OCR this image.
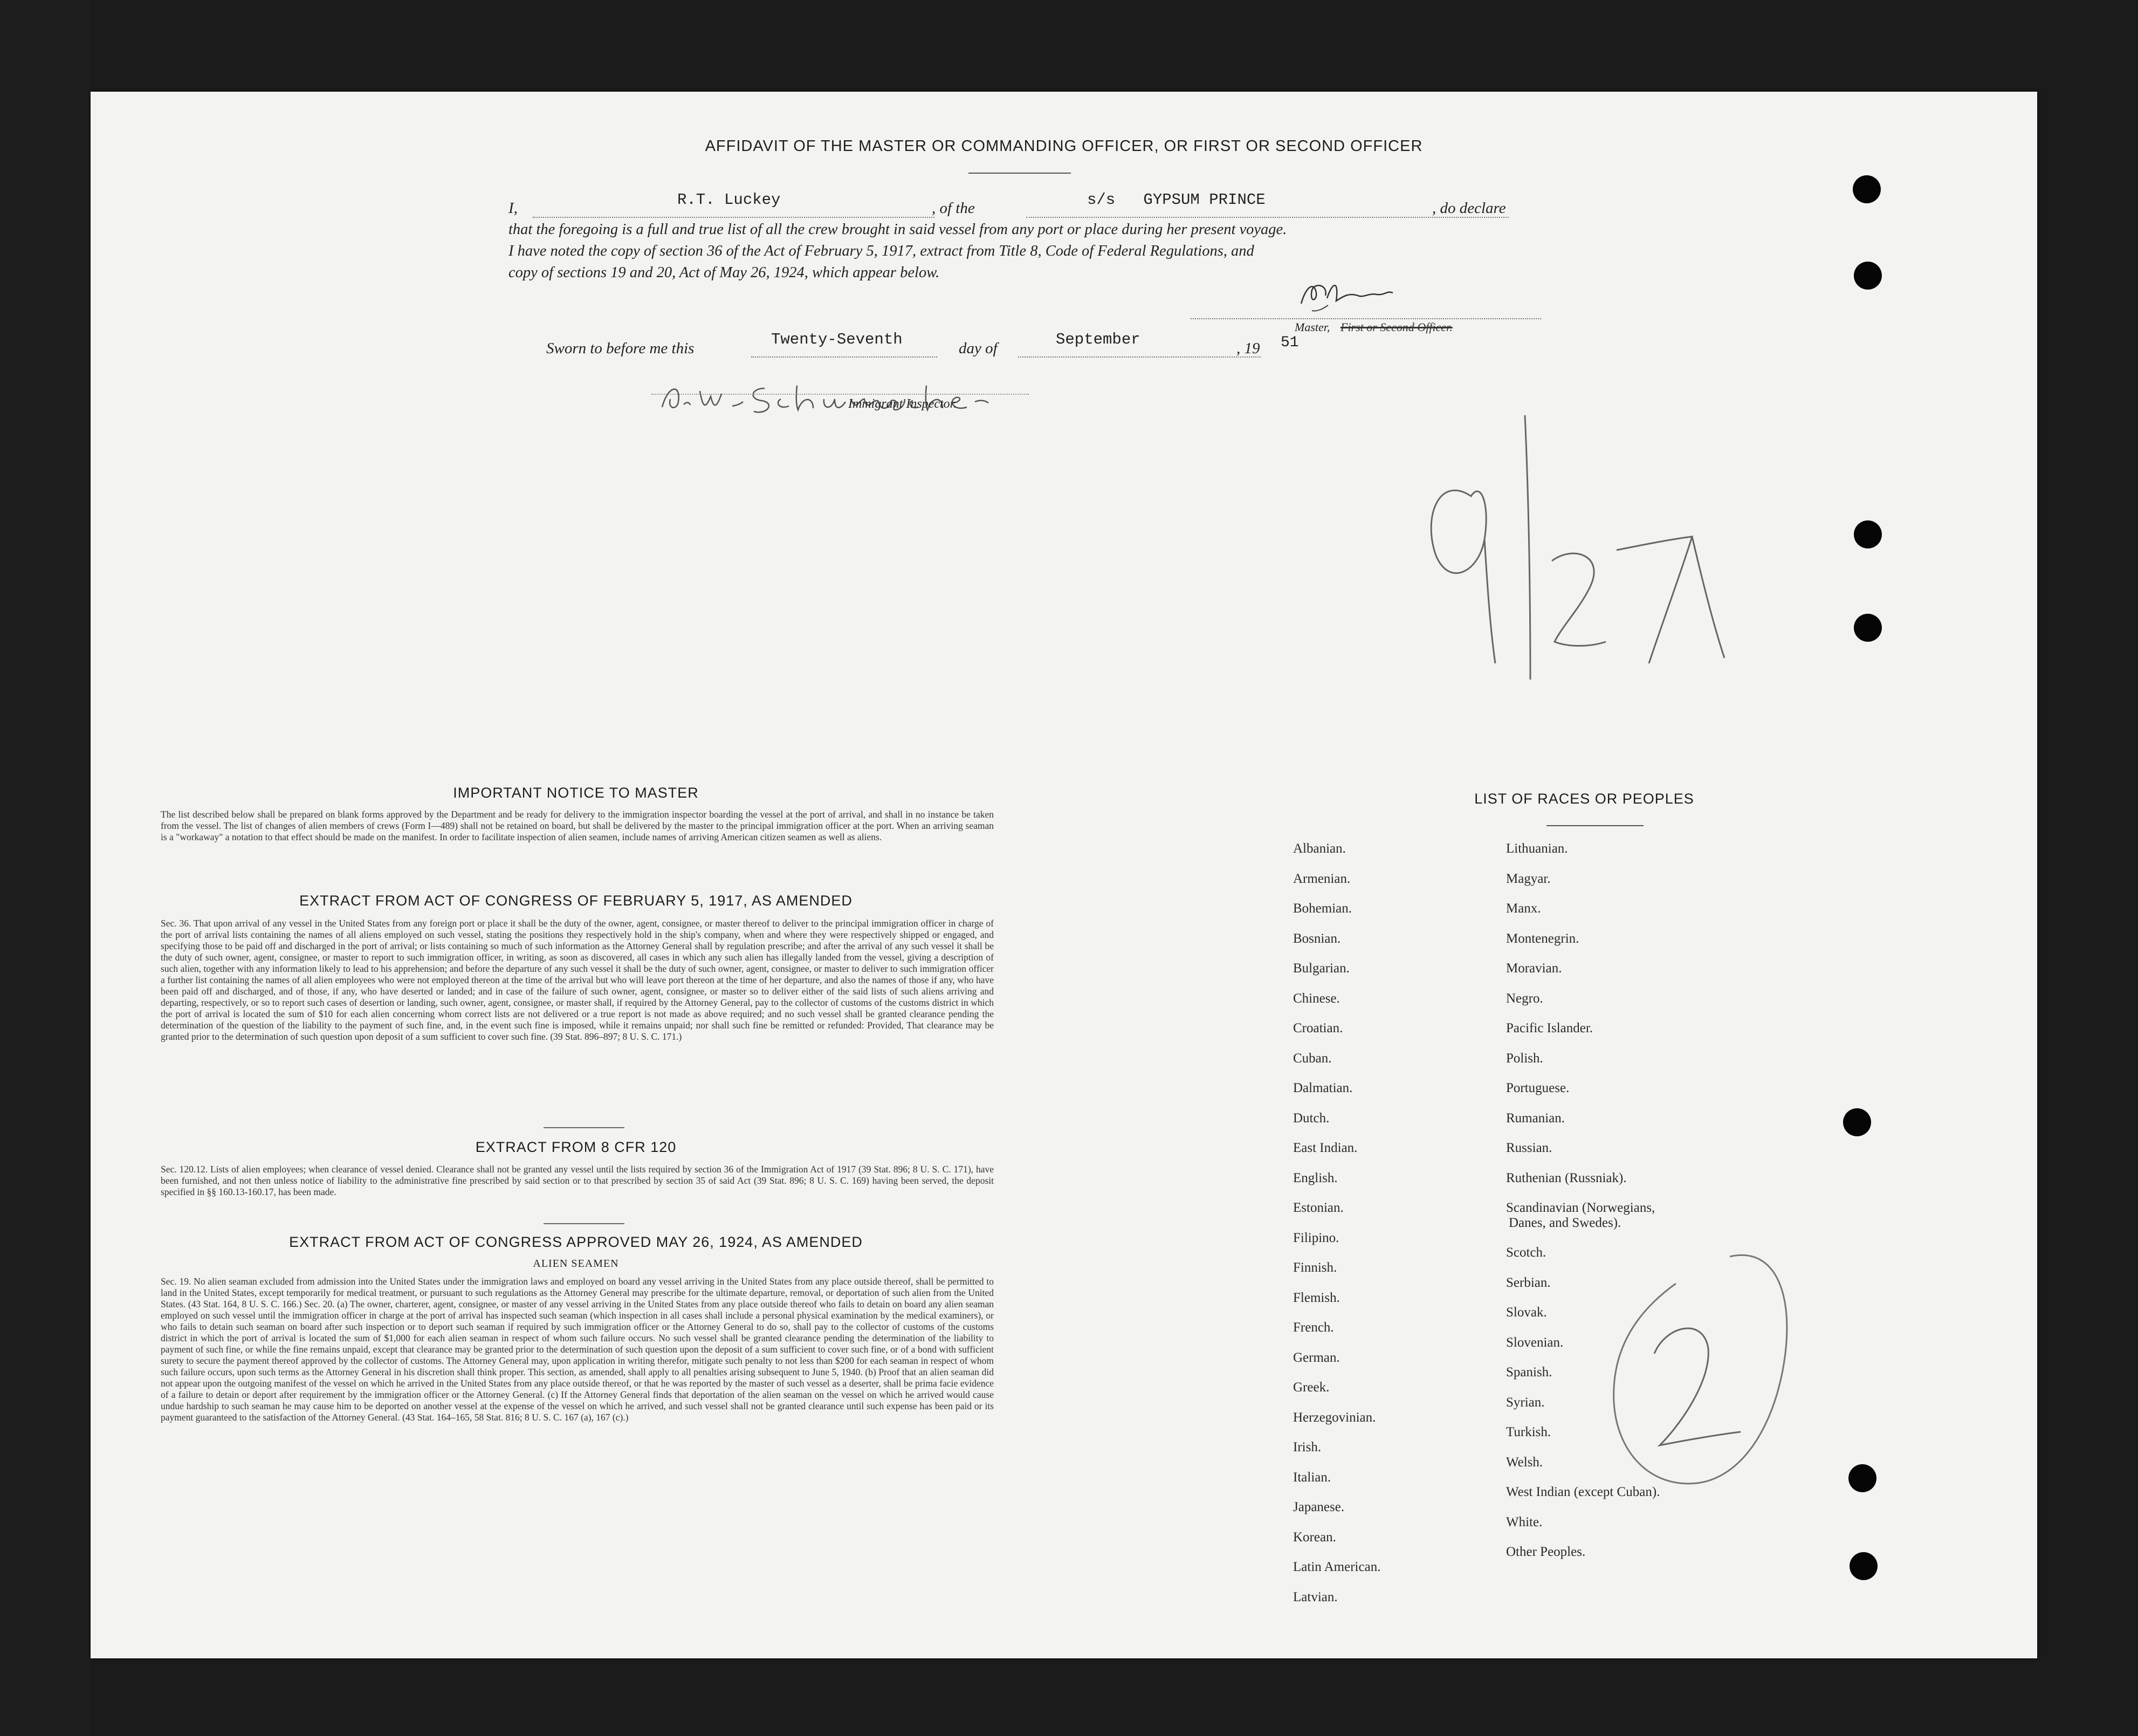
AFFIDAVIT OF THE MASTER OR COMMANDING OFFICER, OR FIRST OR SECOND OFFICER
I,	R.T. Luckey	, of the	s/s   GYPSUM PRINCE	, do declare
that the foregoing is a full and true list of all the crew brought in said vessel from any port or place during her present voyage.
I have noted the copy of section 36 of the Act of February 5, 1917, extract from Title 8, Code of Federal Regulations, and
copy of sections 19 and 20, Act of May 26, 1924, which appear below.
Master, First or Second Officer.
Sworn to before me this	Twenty-Seventh	day of	September	, 19 51
Immigrant Inspector.
IMPORTANT NOTICE TO MASTER
The list described below shall be prepared on blank forms approved by the Department and be ready for delivery to the immigration inspector boarding the vessel at the port of arrival, and shall in no instance be taken from the vessel. The list of changes of alien members of crews (Form I—489) shall not be retained on board, but shall be delivered by the master to the principal immigration officer at the port. When an arriving seaman is a "workaway" a notation to that effect should be made on the manifest. In order to facilitate inspection of alien seamen, include names of arriving American citizen seamen as well as aliens.
EXTRACT FROM ACT OF CONGRESS OF FEBRUARY 5, 1917, AS AMENDED
Sec. 36. That upon arrival of any vessel in the United States from any foreign port or place it shall be the duty of the owner, agent, consignee, or master thereof to deliver to the principal immigration officer in charge of the port of arrival lists containing the names of all aliens employed on such vessel, stating the positions they respectively hold in the ship's company, when and where they were respectively shipped or engaged, and specifying those to be paid off and discharged in the port of arrival; or lists containing so much of such information as the Attorney General shall by regulation prescribe; and after the arrival of any such vessel it shall be the duty of such owner, agent, consignee, or master to report to such immigration officer, in writing, as soon as discovered, all cases in which any such alien has illegally landed from the vessel, giving a description of such alien, together with any information likely to lead to his apprehension; and before the departure of any such vessel it shall be the duty of such owner, agent, consignee, or master to deliver to such immigration officer a further list containing the names of all alien employees who were not employed thereon at the time of the arrival but who will leave port thereon at the time of her departure, and also the names of those if any, who have been paid off and discharged, and of those, if any, who have deserted or landed; and in case of the failure of such owner, agent, consignee, or master so to deliver either of the said lists of such aliens arriving and departing, respectively, or so to report such cases of desertion or landing, such owner, agent, consignee, or master shall, if required by the Attorney General, pay to the collector of customs of the customs district in which the port of arrival is located the sum of $10 for each alien concerning whom correct lists are not delivered or a true report is not made as above required; and no such vessel shall be granted clearance pending the determination of the question of the liability to the payment of such fine, and, in the event such fine is imposed, while it remains unpaid; nor shall such fine be remitted or refunded: Provided, That clearance may be granted prior to the determination of such question upon deposit of a sum sufficient to cover such fine. (39 Stat. 896–897; 8 U. S. C. 171.)
EXTRACT FROM 8 CFR 120
Sec. 120.12. Lists of alien employees; when clearance of vessel denied. Clearance shall not be granted any vessel until the lists required by section 36 of the Immigration Act of 1917 (39 Stat. 896; 8 U. S. C. 171), have been furnished, and not then unless notice of liability to the administrative fine prescribed by said section or to that prescribed by section 35 of said Act (39 Stat. 896; 8 U. S. C. 169) having been served, the deposit specified in §§ 160.13-160.17, has been made.
EXTRACT FROM ACT OF CONGRESS APPROVED MAY 26, 1924, AS AMENDED
ALIEN SEAMEN
Sec. 19. No alien seaman excluded from admission into the United States under the immigration laws and employed on board any vessel arriving in the United States from any place outside thereof, shall be permitted to land in the United States, except temporarily for medical treatment, or pursuant to such regulations as the Attorney General may prescribe for the ultimate departure, removal, or deportation of such alien from the United States. (43 Stat. 164, 8 U. S. C. 166.) Sec. 20. (a) The owner, charterer, agent, consignee, or master of any vessel arriving in the United States from any place outside thereof who fails to detain on board any alien seaman employed on such vessel until the immigration officer in charge at the port of arrival has inspected such seaman (which inspection in all cases shall include a personal physical examination by the medical examiners), or who fails to detain such seaman on board after such inspection or to deport such seaman if required by such immigration officer or the Attorney General to do so, shall pay to the collector of customs of the customs district in which the port of arrival is located the sum of $1,000 for each alien seaman in respect of whom such failure occurs. No such vessel shall be granted clearance pending the determination of the liability to payment of such fine, or while the fine remains unpaid, except that clearance may be granted prior to the determination of such question upon the deposit of a sum sufficient to cover such fine, or of a bond with sufficient surety to secure the payment thereof approved by the collector of customs. The Attorney General may, upon application in writing therefor, mitigate such penalty to not less than $200 for each seaman in respect of whom such failure occurs, upon such terms as the Attorney General in his discretion shall think proper. This section, as amended, shall apply to all penalties arising subsequent to June 5, 1940. (b) Proof that an alien seaman did not appear upon the outgoing manifest of the vessel on which he arrived in the United States from any place outside thereof, or that he was reported by the master of such vessel as a deserter, shall be prima facie evidence of a failure to detain or deport after requirement by the immigration officer or the Attorney General. (c) If the Attorney General finds that deportation of the alien seaman on the vessel on which he arrived would cause undue hardship to such seaman he may cause him to be deported on another vessel at the expense of the vessel on which he arrived, and such vessel shall not be granted clearance until such expense has been paid or its payment guaranteed to the satisfaction of the Attorney General. (43 Stat. 164–165, 58 Stat. 816; 8 U. S. C. 167 (a), 167 (c).)
LIST OF RACES OR PEOPLES
Albanian.
Armenian.
Bohemian.
Bosnian.
Bulgarian.
Chinese.
Croatian.
Cuban.
Dalmatian.
Dutch.
East Indian.
English.
Estonian.
Filipino.
Finnish.
Flemish.
French.
German.
Greek.
Herzegovinian.
Irish.
Italian.
Japanese.
Korean.
Latin American.
Latvian.
Lithuanian.
Magyar.
Manx.
Montenegrin.
Moravian.
Negro.
Pacific Islander.
Polish.
Portuguese.
Rumanian.
Russian.
Ruthenian (Russniak).
Scandinavian (Norwegians,
Danes, and Swedes).
Scotch.
Serbian.
Slovak.
Slovenian.
Spanish.
Syrian.
Turkish.
Welsh.
West Indian (except Cuban).
White.
Other Peoples.
